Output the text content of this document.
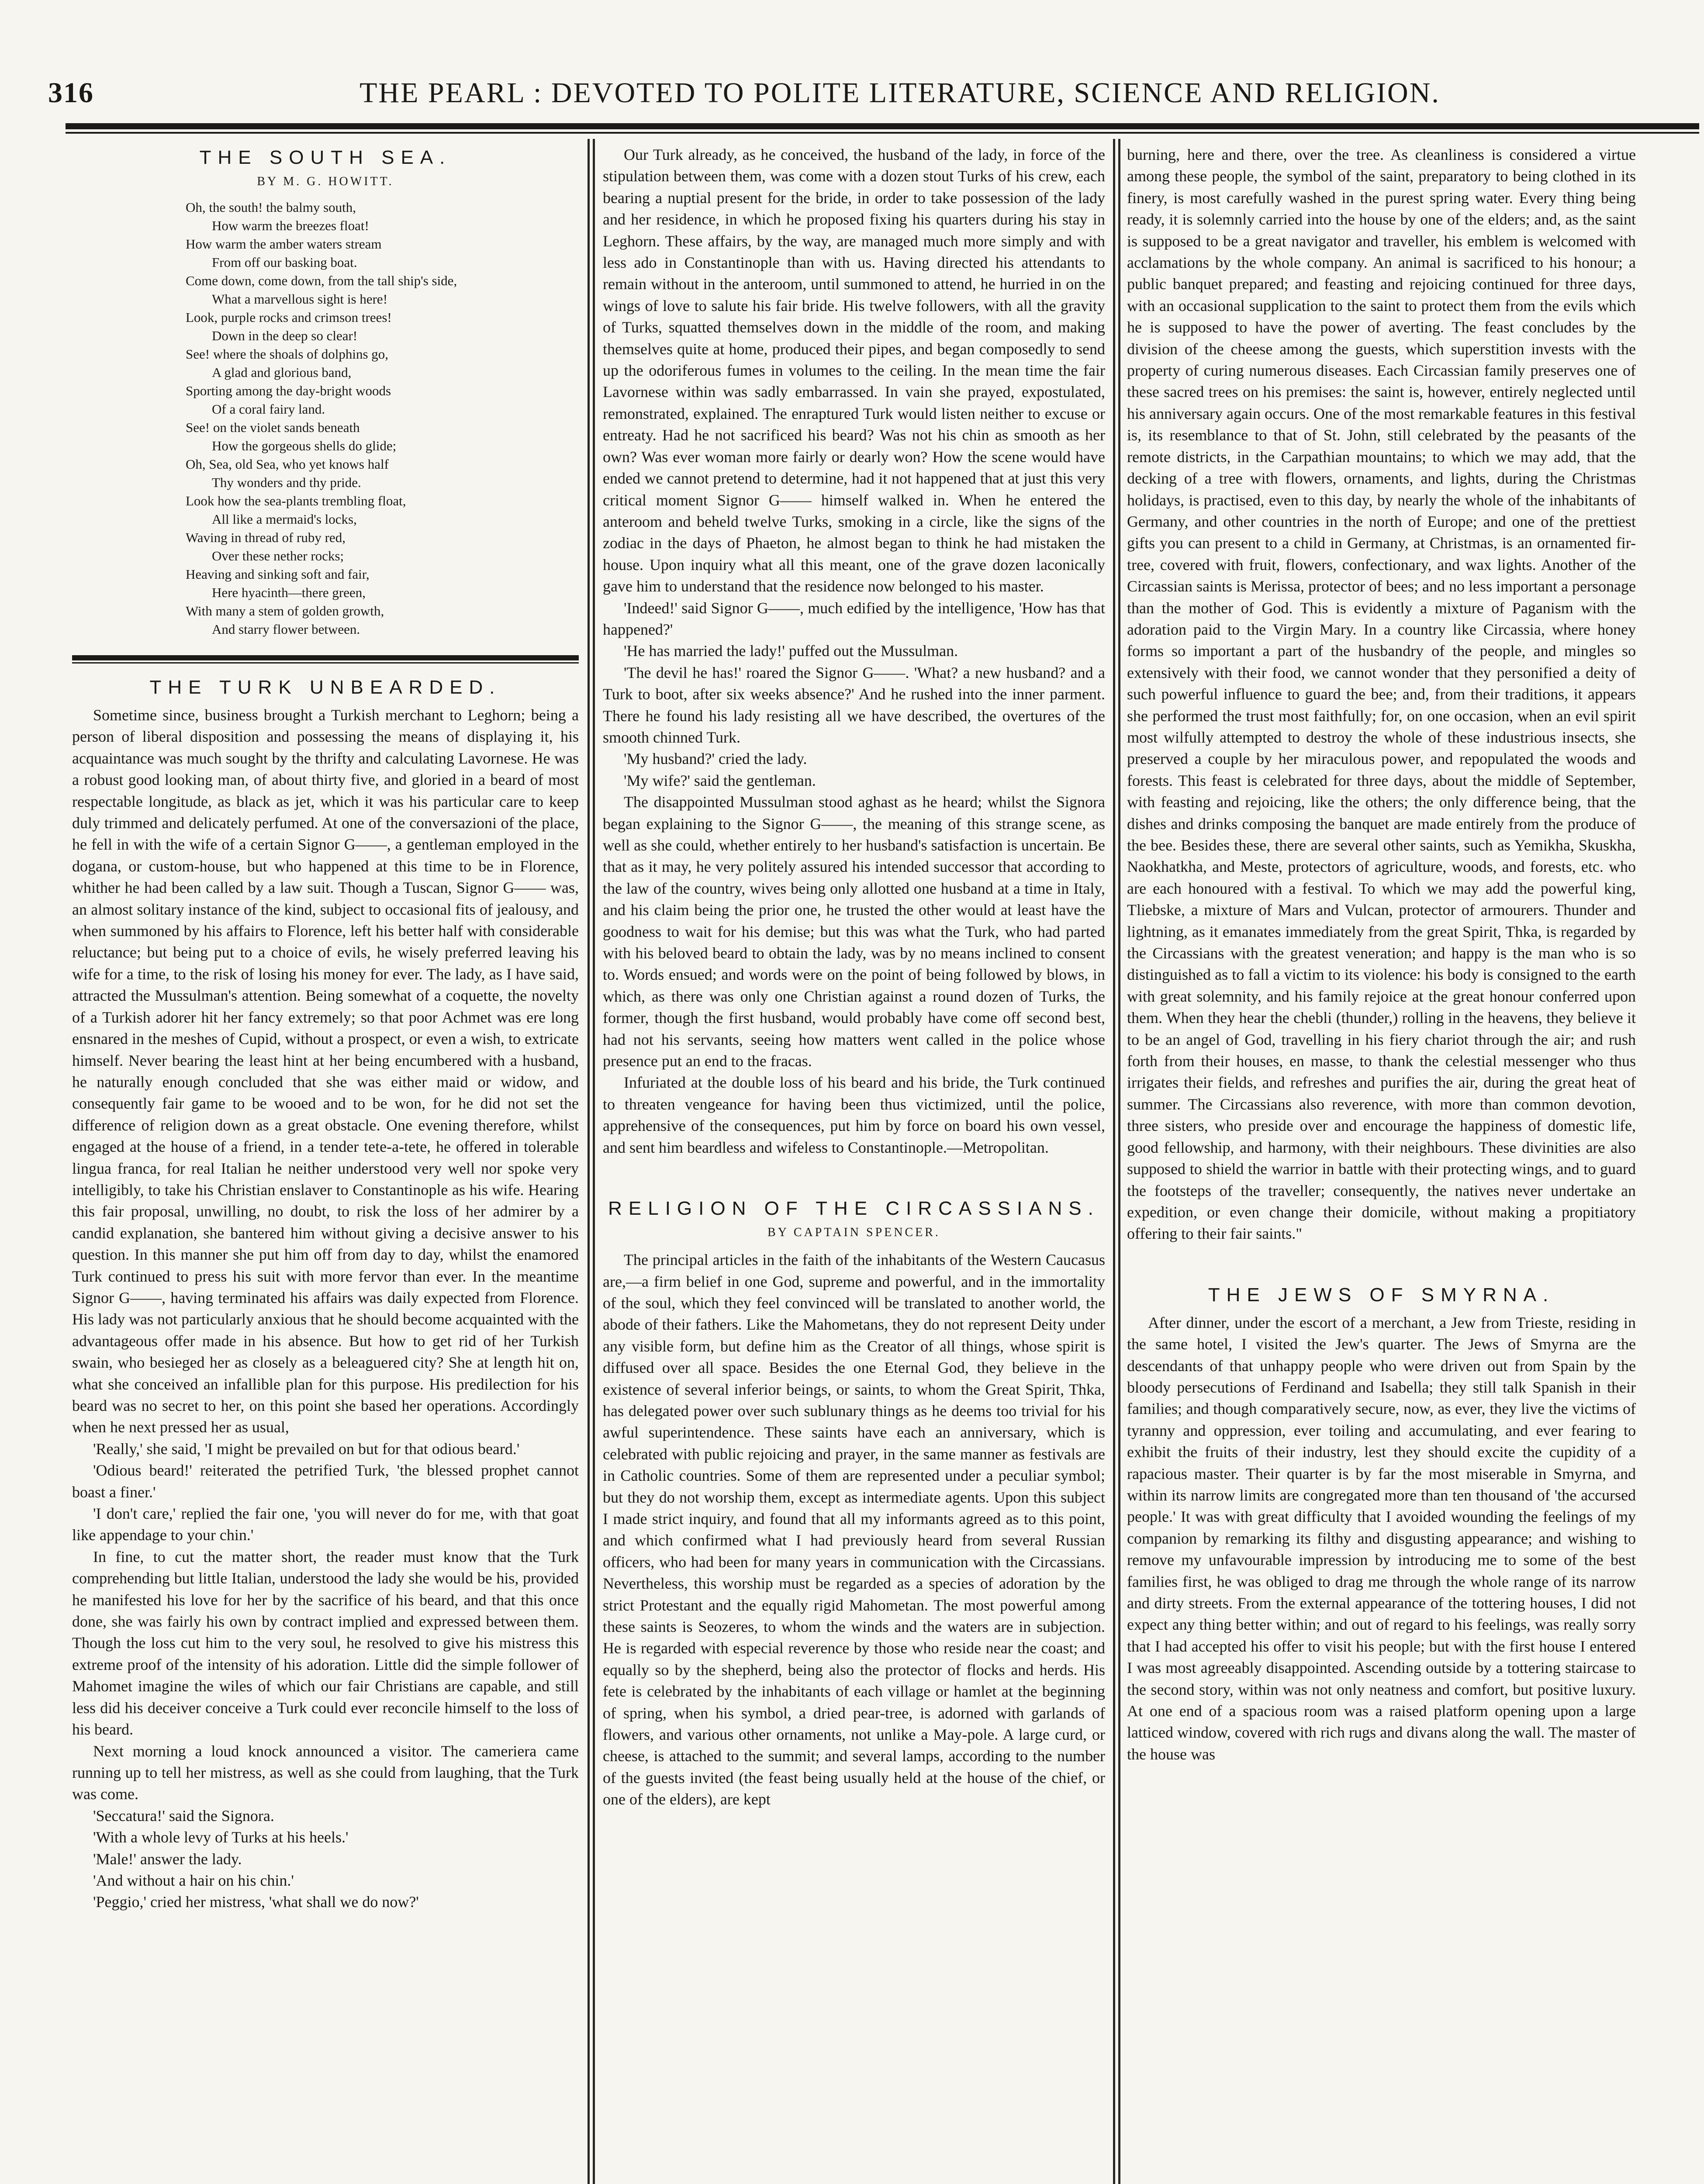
316	THE PEARL : DEVOTED TO POLITE LITERATURE, SCIENCE AND RELIGION.
THE SOUTH SEA.
BY M. G. HOWITT.
Oh, the south! the balmy south,
How warm the breezes float!
How warm the amber waters stream
From off our basking boat.
Come down, come down, from the tall ship's side,
What a marvellous sight is here!
Look, purple rocks and crimson trees!
Down in the deep so clear!
See! where the shoals of dolphins go,
A glad and glorious band,
Sporting among the day-bright woods
Of a coral fairy land.
See! on the violet sands beneath
How the gorgeous shells do glide;
Oh, Sea, old Sea, who yet knows half
Thy wonders and thy pride.
Look how the sea-plants trembling float,
All like a mermaid's locks,
Waving in thread of ruby red,
Over these nether rocks;
Heaving and sinking soft and fair,
Here hyacinth—there green,
With many a stem of golden growth,
And starry flower between.
THE TURK UNBEARDED.

Sometime since, business brought a Turkish merchant to Leghorn; being a person of liberal disposition and possessing the means of displaying it, his acquaintance was much sought by the thrifty and calculating Lavornese. He was a robust good looking man, of about thirty five, and gloried in a beard of most respectable longitude, as black as jet, which it was his particular care to keep duly trimmed and delicately perfumed. At one of the conversazioni of the place, he fell in with the wife of a certain Signor G——, a gentleman employed in the dogana, or custom-house, but who happened at this time to be in Florence, whither he had been called by a law suit. Though a Tuscan, Signor G—— was, an almost solitary instance of the kind, subject to occasional fits of jealousy, and when summoned by his affairs to Florence, left his better half with considerable reluctance; but being put to a choice of evils, he wisely preferred leaving his wife for a time, to the risk of losing his money for ever. The lady, as I have said, attracted the Mussulman's attention. Being somewhat of a coquette, the novelty of a Turkish adorer hit her fancy extremely; so that poor Achmet was ere long ensnared in the meshes of Cupid, without a prospect, or even a wish, to extricate himself. Never bearing the least hint at her being encumbered with a husband, he naturally enough concluded that she was either maid or widow, and consequently fair game to be wooed and to be won, for he did not set the difference of religion down as a great obstacle. One evening therefore, whilst engaged at the house of a friend, in a tender tete-a-tete, he offered in tolerable lingua franca, for real Italian he neither understood very well nor spoke very intelligibly, to take his Christian enslaver to Constantinople as his wife. Hearing this fair proposal, unwilling, no doubt, to risk the loss of her admirer by a candid explanation, she bantered him without giving a decisive answer to his question. In this manner she put him off from day to day, whilst the enamored Turk continued to press his suit with more fervor than ever. In the meantime Signor G——, having terminated his affairs was daily expected from Florence. His lady was not particularly anxious that he should become acquainted with the advantageous offer made in his absence. But how to get rid of her Turkish swain, who besieged her as closely as a beleaguered city? She at length hit on, what she conceived an infallible plan for this purpose. His predilection for his beard was no secret to her, on this point she based her operations. Accordingly when he next pressed her as usual,

'Really,' she said, 'I might be prevailed on but for that odious beard.'

'Odious beard!' reiterated the petrified Turk, 'the blessed prophet cannot boast a finer.'

'I don't care,' replied the fair one, 'you will never do for me, with that goat like appendage to your chin.'

In fine, to cut the matter short, the reader must know that the Turk comprehending but little Italian, understood the lady she would be his, provided he manifested his love for her by the sacrifice of his beard, and that this once done, she was fairly his own by contract implied and expressed between them. Though the loss cut him to the very soul, he resolved to give his mistress this extreme proof of the intensity of his adoration. Little did the simple follower of Mahomet imagine the wiles of which our fair Christians are capable, and still less did his deceiver conceive a Turk could ever reconcile himself to the loss of his beard.

Next morning a loud knock announced a visitor. The cameriera came running up to tell her mistress, as well as she could from laughing, that the Turk was come.

'Seccatura!' said the Signora.

'With a whole levy of Turks at his heels.'

'Male!' answer the lady.

'And without a hair on his chin.'

'Peggio,' cried her mistress, 'what shall we do now?'

Our Turk already, as he conceived, the husband of the lady, in force of the stipulation between them, was come with a dozen stout Turks of his crew, each bearing a nuptial present for the bride, in order to take possession of the lady and her residence, in which he proposed fixing his quarters during his stay in Leghorn. These affairs, by the way, are managed much more simply and with less ado in Constantinople than with us. Having directed his attendants to remain without in the anteroom, until summoned to attend, he hurried in on the wings of love to salute his fair bride. His twelve followers, with all the gravity of Turks, squatted themselves down in the middle of the room, and making themselves quite at home, produced their pipes, and began composedly to send up the odoriferous fumes in volumes to the ceiling. In the mean time the fair Lavornese within was sadly embarrassed. In vain she prayed, expostulated, remonstrated, explained. The enraptured Turk would listen neither to excuse or entreaty. Had he not sacrificed his beard? Was not his chin as smooth as her own? Was ever woman more fairly or dearly won? How the scene would have ended we cannot pretend to determine, had it not happened that at just this very critical moment Signor G—— himself walked in. When he entered the anteroom and beheld twelve Turks, smoking in a circle, like the signs of the zodiac in the days of Phaeton, he almost began to think he had mistaken the house. Upon inquiry what all this meant, one of the grave dozen laconically gave him to understand that the residence now belonged to his master.

'Indeed!' said Signor G——, much edified by the intelligence, 'How has that happened?'

'He has married the lady!' puffed out the Mussulman.

'The devil he has!' roared the Signor G——. 'What? a new husband? and a Turk to boot, after six weeks absence?' And he rushed into the inner parment. There he found his lady resisting all we have described, the overtures of the smooth chinned Turk.

'My husband?' cried the lady.

'My wife?' said the gentleman.

The disappointed Mussulman stood aghast as he heard; whilst the Signora began explaining to the Signor G——, the meaning of this strange scene, as well as she could, whether entirely to her husband's satisfaction is uncertain. Be that as it may, he very politely assured his intended successor that according to the law of the country, wives being only allotted one husband at a time in Italy, and his claim being the prior one, he trusted the other would at least have the goodness to wait for his demise; but this was what the Turk, who had parted with his beloved beard to obtain the lady, was by no means inclined to consent to. Words ensued; and words were on the point of being followed by blows, in which, as there was only one Christian against a round dozen of Turks, the former, though the first husband, would probably have come off second best, had not his servants, seeing how matters went called in the police whose presence put an end to the fracas.

Infuriated at the double loss of his beard and his bride, the Turk continued to threaten vengeance for having been thus victimized, until the police, apprehensive of the consequences, put him by force on board his own vessel, and sent him beardless and wifeless to Constantinople.—Metropolitan.

RELIGION OF THE CIRCASSIANS.
BY CAPTAIN SPENCER.

The principal articles in the faith of the inhabitants of the Western Caucasus are,—a firm belief in one God, supreme and powerful, and in the immortality of the soul, which they feel convinced will be translated to another world, the abode of their fathers. Like the Mahometans, they do not represent Deity under any visible form, but define him as the Creator of all things, whose spirit is diffused over all space. Besides the one Eternal God, they believe in the existence of several inferior beings, or saints, to whom the Great Spirit, Thka, has delegated power over such sublunary things as he deems too trivial for his awful superintendence. These saints have each an anniversary, which is celebrated with public rejoicing and prayer, in the same manner as festivals are in Catholic countries. Some of them are represented under a peculiar symbol; but they do not worship them, except as intermediate agents. Upon this subject I made strict inquiry, and found that all my informants agreed as to this point, and which confirmed what I had previously heard from several Russian officers, who had been for many years in communication with the Circassians. Nevertheless, this worship must be regarded as a species of adoration by the strict Protestant and the equally rigid Mahometan. The most powerful among these saints is Seozeres, to whom the winds and the waters are in subjection. He is regarded with especial reverence by those who reside near the coast; and equally so by the shepherd, being also the protector of flocks and herds. His fete is celebrated by the inhabitants of each village or hamlet at the beginning of spring, when his symbol, a dried pear-tree, is adorned with garlands of flowers, and various other ornaments, not unlike a May-pole. A large curd, or cheese, is attached to the summit; and several lamps, according to the number of the guests invited (the feast being usually held at the house of the chief, or one of the elders), are kept

burning, here and there, over the tree. As cleanliness is considered a virtue among these people, the symbol of the saint, preparatory to being clothed in its finery, is most carefully washed in the purest spring water. Every thing being ready, it is solemnly carried into the house by one of the elders; and, as the saint is supposed to be a great navigator and traveller, his emblem is welcomed with acclamations by the whole company. An animal is sacrificed to his honour; a public banquet prepared; and feasting and rejoicing continued for three days, with an occasional supplication to the saint to protect them from the evils which he is supposed to have the power of averting. The feast concludes by the division of the cheese among the guests, which superstition invests with the property of curing numerous diseases. Each Circassian family preserves one of these sacred trees on his premises: the saint is, however, entirely neglected until his anniversary again occurs. One of the most remarkable features in this festival is, its resemblance to that of St. John, still celebrated by the peasants of the remote districts, in the Carpathian mountains; to which we may add, that the decking of a tree with flowers, ornaments, and lights, during the Christmas holidays, is practised, even to this day, by nearly the whole of the inhabitants of Germany, and other countries in the north of Europe; and one of the prettiest gifts you can present to a child in Germany, at Christmas, is an ornamented fir-tree, covered with fruit, flowers, confectionary, and wax lights. Another of the Circassian saints is Merissa, protector of bees; and no less important a personage than the mother of God. This is evidently a mixture of Paganism with the adoration paid to the Virgin Mary. In a country like Circassia, where honey forms so important a part of the husbandry of the people, and mingles so extensively with their food, we cannot wonder that they personified a deity of such powerful influence to guard the bee; and, from their traditions, it appears she performed the trust most faithfully; for, on one occasion, when an evil spirit most wilfully attempted to destroy the whole of these industrious insects, she preserved a couple by her miraculous power, and repopulated the woods and forests. This feast is celebrated for three days, about the middle of September, with feasting and rejoicing, like the others; the only difference being, that the dishes and drinks composing the banquet are made entirely from the produce of the bee. Besides these, there are several other saints, such as Yemikha, Skuskha, Naokhatkha, and Meste, protectors of agriculture, woods, and forests, etc. who are each honoured with a festival. To which we may add the powerful king, Tliebske, a mixture of Mars and Vulcan, protector of armourers. Thunder and lightning, as it emanates immediately from the great Spirit, Thka, is regarded by the Circassians with the greatest veneration; and happy is the man who is so distinguished as to fall a victim to its violence: his body is consigned to the earth with great solemnity, and his family rejoice at the great honour conferred upon them. When they hear the chebli (thunder,) rolling in the heavens, they believe it to be an angel of God, travelling in his fiery chariot through the air; and rush forth from their houses, en masse, to thank the celestial messenger who thus irrigates their fields, and refreshes and purifies the air, during the great heat of summer. The Circassians also reverence, with more than common devotion, three sisters, who preside over and encourage the happiness of domestic life, good fellowship, and harmony, with their neighbours. These divinities are also supposed to shield the warrior in battle with their protecting wings, and to guard the footsteps of the traveller; consequently, the natives never undertake an expedition, or even change their domicile, without making a propitiatory offering to their fair saints."

THE JEWS OF SMYRNA.

After dinner, under the escort of a merchant, a Jew from Trieste, residing in the same hotel, I visited the Jew's quarter. The Jews of Smyrna are the descendants of that unhappy people who were driven out from Spain by the bloody persecutions of Ferdinand and Isabella; they still talk Spanish in their families; and though comparatively secure, now, as ever, they live the victims of tyranny and oppression, ever toiling and accumulating, and ever fearing to exhibit the fruits of their industry, lest they should excite the cupidity of a rapacious master. Their quarter is by far the most miserable in Smyrna, and within its narrow limits are congregated more than ten thousand of 'the accursed people.' It was with great difficulty that I avoided wounding the feelings of my companion by remarking its filthy and disgusting appearance; and wishing to remove my unfavourable impression by introducing me to some of the best families first, he was obliged to drag me through the whole range of its narrow and dirty streets. From the external appearance of the tottering houses, I did not expect any thing better within; and out of regard to his feelings, was really sorry that I had accepted his offer to visit his people; but with the first house I entered I was most agreeably disappointed. Ascending outside by a tottering staircase to the second story, within was not only neatness and comfort, but positive luxury. At one end of a spacious room was a raised platform opening upon a large latticed window, covered with rich rugs and divans along the wall. The master of the house was
